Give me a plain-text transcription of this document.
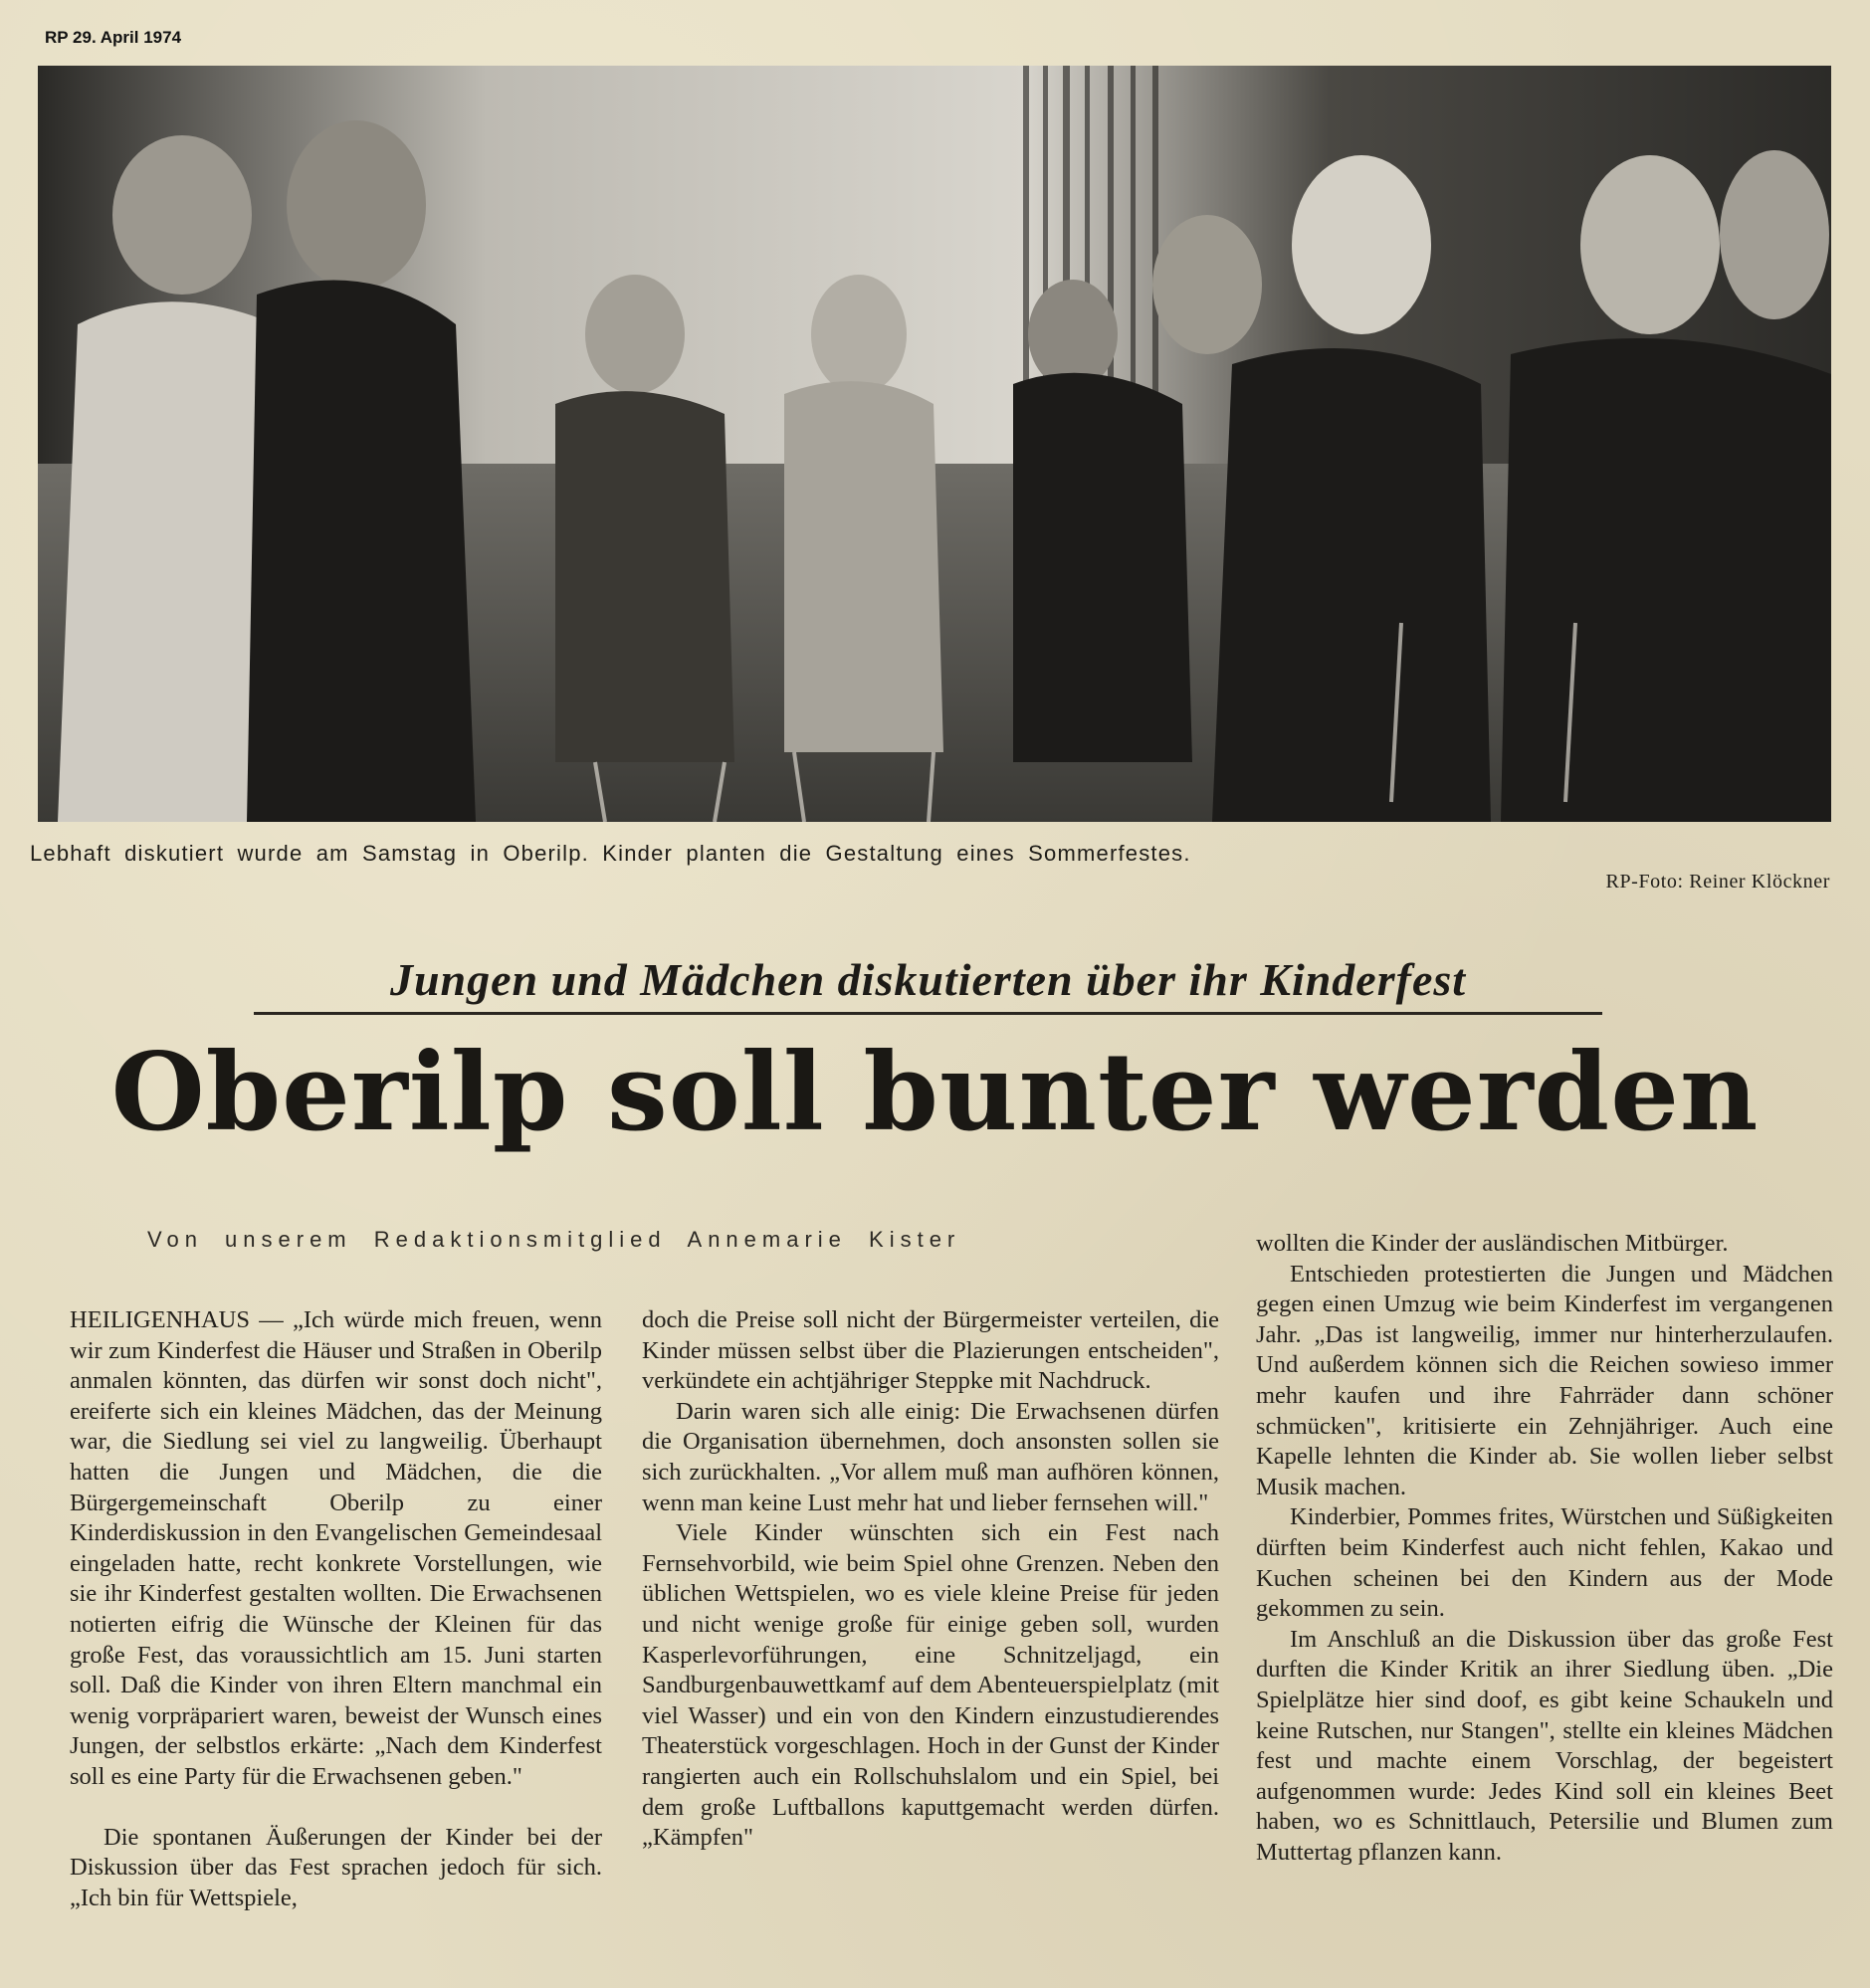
RP 29. April 1974
Lebhaft diskutiert wurde am Samstag in Oberilp. Kinder planten die Gestaltung eines Sommerfestes.
RP-Foto: Reiner Klöckner
Jungen und Mädchen diskutierten über ihr Kinderfest
Oberilp soll bunter werden
Von unserem Redaktionsmitglied Annemarie Kister

HEILIGENHAUS — „Ich würde mich freuen, wenn wir zum Kinderfest die Häuser und Straßen in Oberilp anmalen könnten, das dürfen wir sonst doch nicht", ereiferte sich ein kleines Mädchen, das der Meinung war, die Siedlung sei viel zu langweilig. Überhaupt hatten die Jungen und Mädchen, die die Bürgergemeinschaft Oberilp zu einer Kinderdiskussion in den Evangelischen Gemeindesaal eingeladen hatte, recht konkrete Vorstellungen, wie sie ihr Kinderfest gestalten wollten. Die Erwachsenen notierten eifrig die Wünsche der Kleinen für das große Fest, das voraussichtlich am 15. Juni starten soll. Daß die Kinder von ihren Eltern manchmal ein wenig vorpräpariert waren, beweist der Wunsch eines Jungen, der selbstlos erkärte: „Nach dem Kinderfest soll es eine Party für die Erwachsenen geben."

Die spontanen Äußerungen der Kinder bei der Diskussion über das Fest sprachen jedoch für sich. „Ich bin für Wettspiele,

doch die Preise soll nicht der Bürgermeister verteilen, die Kinder müssen selbst über die Plazierungen entscheiden", verkündete ein achtjähriger Steppke mit Nachdruck.

Darin waren sich alle einig: Die Erwachsenen dürfen die Organisation übernehmen, doch ansonsten sollen sie sich zurückhalten. „Vor allem muß man aufhören können, wenn man keine Lust mehr hat und lieber fernsehen will."

Viele Kinder wünschten sich ein Fest nach Fernsehvorbild, wie beim Spiel ohne Grenzen. Neben den üblichen Wettspielen, wo es viele kleine Preise für jeden und nicht wenige große für einige geben soll, wurden Kasperlevorführungen, eine Schnitzeljagd, ein Sandburgenbauwettkamf auf dem Abenteuerspielplatz (mit viel Wasser) und ein von den Kindern einzustudierendes Theaterstück vorgeschlagen. Hoch in der Gunst der Kinder rangierten auch ein Rollschuhslalom und ein Spiel, bei dem große Luftballons kaputtgemacht werden dürfen. „Kämpfen"

wollten die Kinder der ausländischen Mitbürger.

Entschieden protestierten die Jungen und Mädchen gegen einen Umzug wie beim Kinderfest im vergangenen Jahr. „Das ist langweilig, immer nur hinterherzulaufen. Und außerdem können sich die Reichen sowieso immer mehr kaufen und ihre Fahrräder dann schöner schmücken", kritisierte ein Zehnjähriger. Auch eine Kapelle lehnten die Kinder ab. Sie wollen lieber selbst Musik machen.

Kinderbier, Pommes frites, Würstchen und Süßigkeiten dürften beim Kinderfest auch nicht fehlen, Kakao und Kuchen scheinen bei den Kindern aus der Mode gekommen zu sein.

Im Anschluß an die Diskussion über das große Fest durften die Kinder Kritik an ihrer Siedlung üben. „Die Spielplätze hier sind doof, es gibt keine Schaukeln und keine Rutschen, nur Stangen", stellte ein kleines Mädchen fest und machte einem Vorschlag, der begeistert aufgenommen wurde: Jedes Kind soll ein kleines Beet haben, wo es Schnittlauch, Petersilie und Blumen zum Muttertag pflanzen kann.
